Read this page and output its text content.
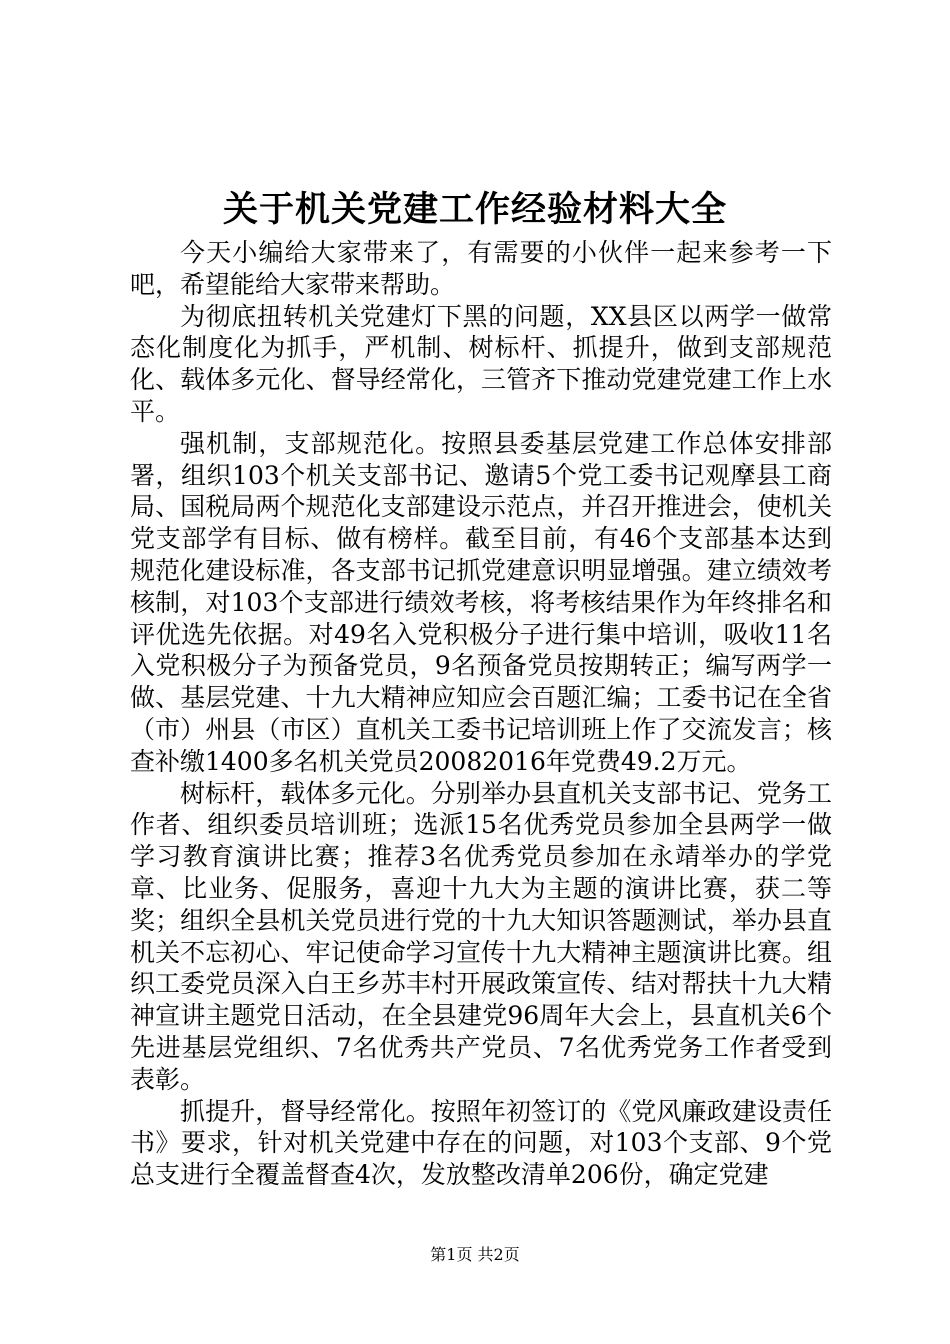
关于机关党建工作经验材料大全

今天小编给大家带来了，有需要的小伙伴一起来参考一下吧，希望能给大家带来帮助。

为彻底扭转机关党建灯下黑的问题，XX县区以两学一做常态化制度化为抓手，严机制、树标杆、抓提升，做到支部规范化、载体多元化、督导经常化，三管齐下推动党建党建工作上水平。

强机制，支部规范化。按照县委基层党建工作总体安排部署，组织103个机关支部书记、邀请5个党工委书记观摩县工商局、国税局两个规范化支部建设示范点，并召开推进会，使机关党支部学有目标、做有榜样。截至目前，有46个支部基本达到规范化建设标准，各支部书记抓党建意识明显增强。建立绩效考核制，对103个支部进行绩效考核，将考核结果作为年终排名和评优选先依据。对49名入党积极分子进行集中培训，吸收11名入党积极分子为预备党员，9名预备党员按期转正；编写两学一做、基层党建、十九大精神应知应会百题汇编；工委书记在全省（市）州县（市区）直机关工委书记培训班上作了交流发言；核查补缴1400多名机关党员20082016年党费49.2万元。

树标杆，载体多元化。分别举办县直机关支部书记、党务工作者、组织委员培训班；选派15名优秀党员参加全县两学一做学习教育演讲比赛；推荐3名优秀党员参加在永靖举办的学党章、比业务、促服务，喜迎十九大为主题的演讲比赛，获二等奖；组织全县机关党员进行党的十九大知识答题测试，举办县直机关不忘初心、牢记使命学习宣传十九大精神主题演讲比赛。组织工委党员深入白王乡苏丰村开展政策宣传、结对帮扶十九大精神宣讲主题党日活动，在全县建党96周年大会上，县直机关6个先进基层党组织、7名优秀共产党员、7名优秀党务工作者受到表彰。

抓提升，督导经常化。按照年初签订的《党风廉政建设责任书》要求，针对机关党建中存在的问题，对103个支部、9个党总支进行全覆盖督查4次，发放整改清单206份，确定党建

第1页 共2页
